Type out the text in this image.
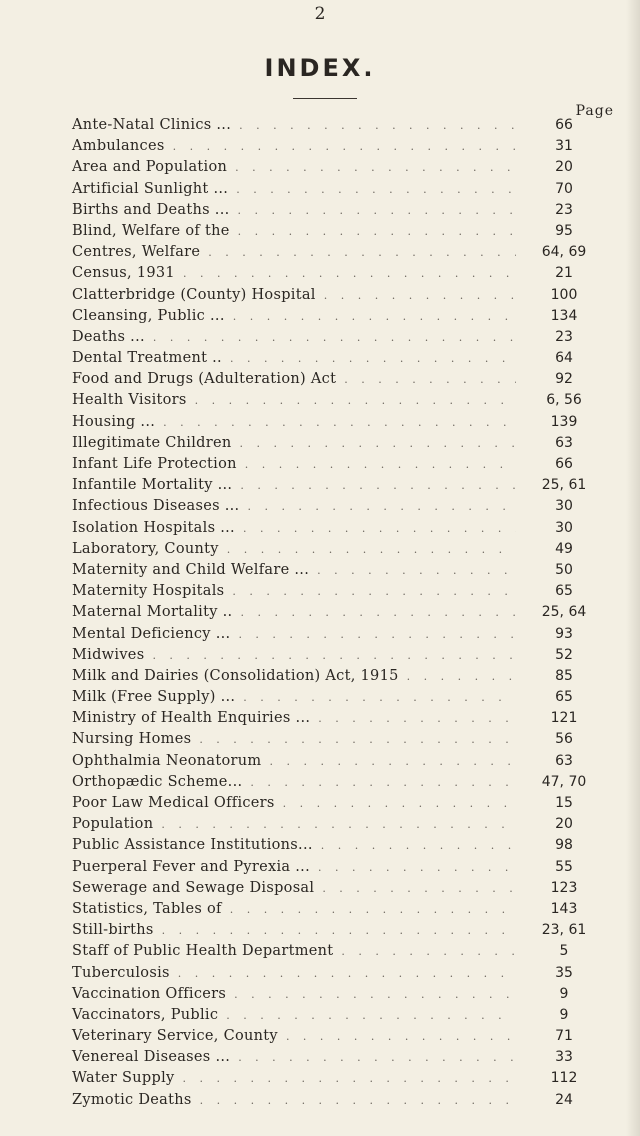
2
INDEX.
Page
Ante-Natal Clinics ... . . .	66
Ambulances . . .	31
Area and Population . . .	20
Artificial Sunlight ... . . .	70
Births and Deaths ... . . .	23
Blind, Welfare of the . . .	95
Centres, Welfare . . .	64, 69
Census, 1931 . . .	21
Clatterbridge (County) Hospital . . .	100
Cleansing, Public ... . . .	134
Deaths ... . . .	23
Dental Treatment .. . . .	64
Food and Drugs (Adulteration) Act . . .	92
Health Visitors . . .	6, 56
Housing ... . . .	139
Illegitimate Children . . .	63
Infant Life Protection . . .	66
Infantile Mortality ... . . .	25, 61
Infectious Diseases ... . . .	30
Isolation Hospitals ... . . .	30
Laboratory, County . . .	49
Maternity and Child Welfare ... . . .	50
Maternity Hospitals . . .	65
Maternal Mortality .. . . .	25, 64
Mental Deficiency ... . . .	93
Midwives . . .	52
Milk and Dairies (Consolidation) Act, 1915 . . .	85
Milk (Free Supply) ... . . .	65
Ministry of Health Enquiries ... . . .	121
Nursing Homes . . .	56
Ophthalmia Neonatorum . . .	63
Orthopædic Scheme... . . .	47, 70
Poor Law Medical Officers . . .	15
Population . . .	20
Public Assistance Institutions... . . .	98
Puerperal Fever and Pyrexia ... . . .	55
Sewerage and Sewage Disposal . . .	123
Statistics, Tables of . . .	143
Still-births . . .	23, 61
Staff of Public Health Department . . .	5
Tuberculosis . . .	35
Vaccination Officers . . .	9
Vaccinators, Public . . .	9
Veterinary Service, County . . .	71
Venereal Diseases ... . . .	33
Water Supply . . .	112
Zymotic Deaths . . .	24
